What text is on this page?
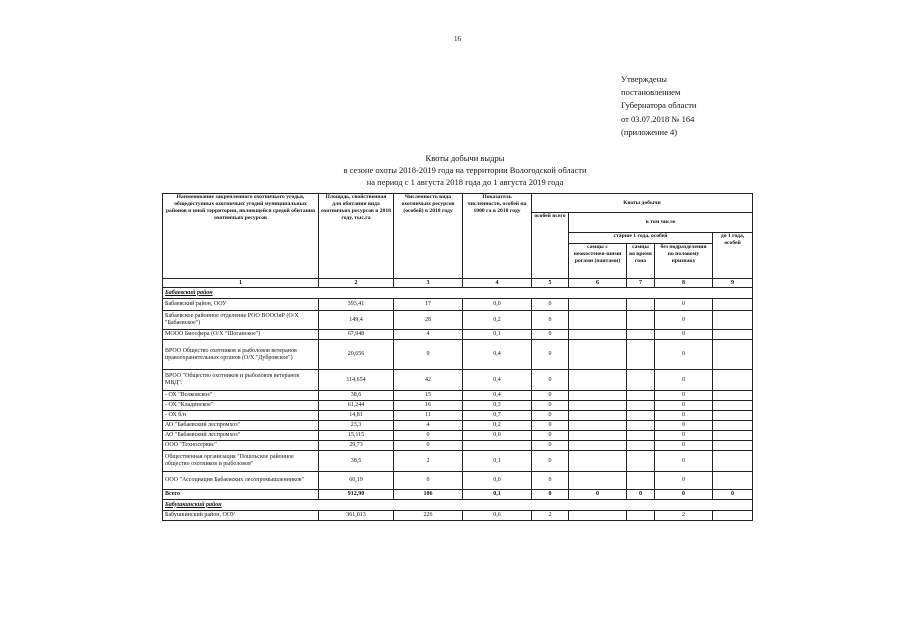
16
Утверждены
постановлением
Губернатора области
от 03.07.2018 № 164
(приложение 4)
Квоты добычи выдры
в сезоне охоты 2018-2019 года на территории Вологодской области
на период с 1 августа 2018 года до 1 августа 2019 года
Наименование закрепленного охотничьего угодья, общедоступных охотничьих угодий муниципальных районов и иной территории, являющейся средой обитания охотничьих ресурсов	Площадь, свойственная для обитания вида охотничьих ресурсов в 2018 году, тыс.га	Численность вида охотничьих ресурсов (особей) в 2018 году	Показатель численности, особей на 1000 га в 2018 году	Квоты добычи				
				особей всего	в том числе			
					старше 1 года, особей			до 1 года, особей
					самцы с неокостенев-шими рогами (пантами)	самцы во время гона	без подразделения по половому признаку	
1	2	3	4	5	6	7	8	9
Бабаевский район								
Бабаевский район, ООУ	393,41	17	0,0	0			0	
Бабаевское районное отделение РОО ВОООиР (О/Х "Бабаевское")	149,4	28	0,2	0			0	
МООО Биосфера (О/Х "Шоганское")	67,948	4	0,1	0			0	
ВРОО Общество охотников и рыболовов ветеранов правоохранительных органов (О/Х "Дубровское")	20,656	9	0,4	0			0	
ВРОО "Общество охотников и рыболовов ветеранов МВД":	114,654	42	0,4	0			0	
- ОХ "Волковское"	38,6	15	0,4	0			0	
- ОХ "Кладинское"	61,244	16	0,3	0			0	
- ОХ б/н	14,81	11	0,7	0			0	
АО "Бабаевский леспромхоз"	23,3	4	0,2	0			0	
АО "Бабаевский леспромхоз"	15,115	0	0,0	0			0	
ООО "Техносервис"	29,73	0		0			0	
Общественная организация "Пошльское районное общество охотников и рыболовов"	38,5	2	0,1	0			0	
ООО "Ассоциация Бабаевских лесопромышленников"	60,19	0	0,0	0			0	
Всего	912,90	106	0,1	0	0	0	0	0
Бабушкинский район								
Бабушкинский район, ООУ	361,013	226	0,6	2			2	
